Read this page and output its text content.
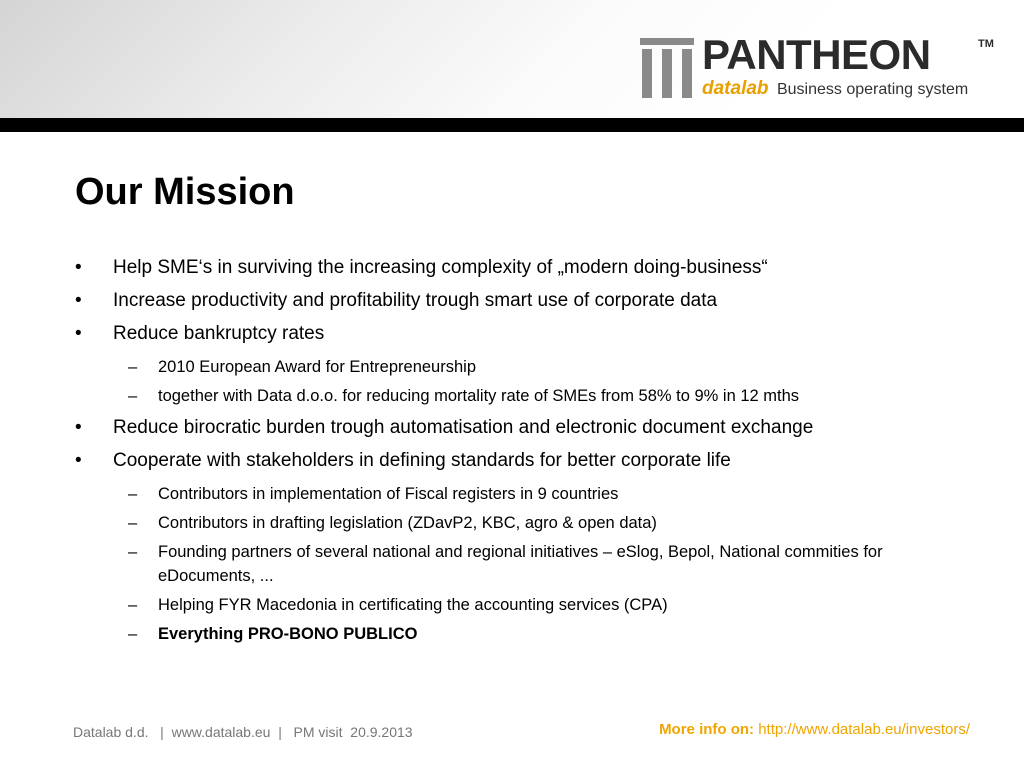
PANTHEON	TM
datalab Business operating system
Our Mission
• Help SME‘s in surviving the increasing complexity of „modern doing-business“
• Increase productivity and profitability trough smart use of corporate data
• Reduce bankruptcy rates
– 2010 European Award for Entrepreneurship
– together with Data d.o.o. for reducing mortality rate of SMEs from 58% to 9% in 12 mths
• Reduce birocratic burden trough automatisation and electronic document exchange
• Cooperate with stakeholders in defining standards for better corporate life
– Contributors in implementation of Fiscal registers in 9 countries
– Contributors in drafting legislation (ZDavP2, KBC, agro & open data)
– Founding partners of several national and regional initiatives – eSlog, Bepol, National commities for eDocuments, ...
– Helping FYR Macedonia in certificating the accounting services (CPA)
– Everything PRO-BONO PUBLICO
Datalab d.d.   |  www.datalab.eu  |   PM visit  20.9.2013	More info on: http://www.datalab.eu/investors/
